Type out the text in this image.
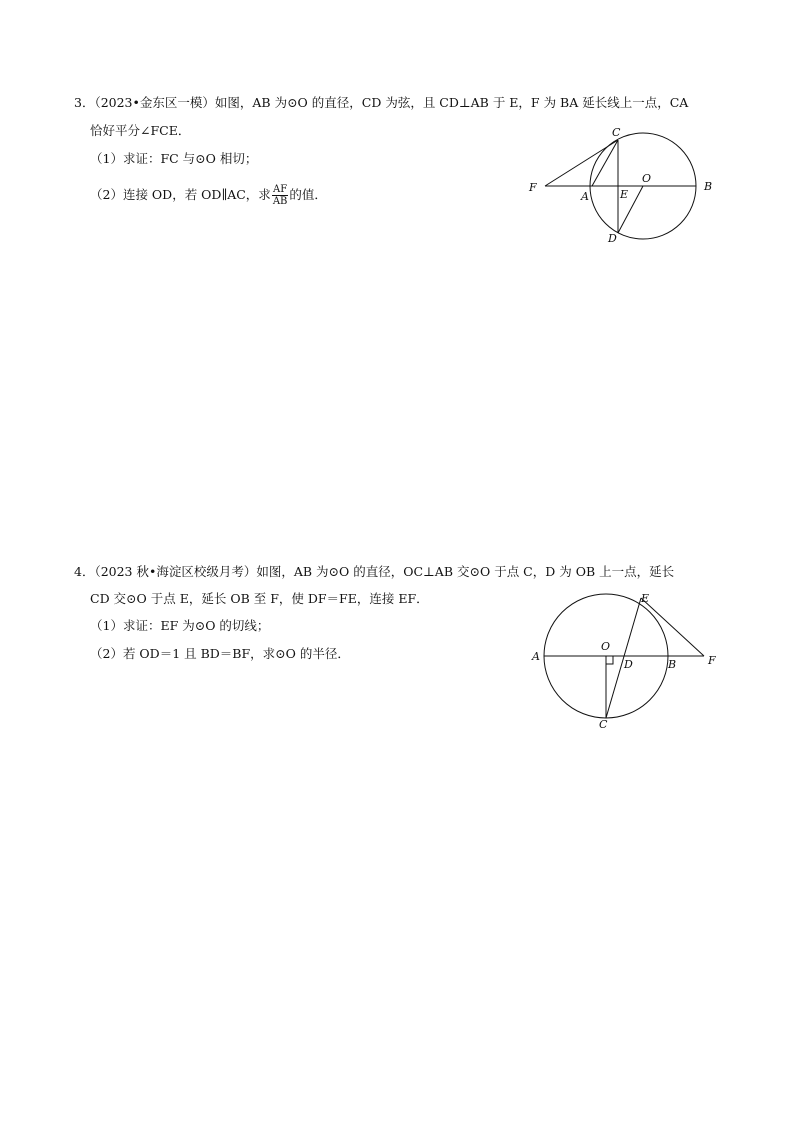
3．（2023•金东区一模）如图，AB 为⊙O 的直径，CD 为弦，且 CD⊥AB 于 E，F 为 BA 延长线上一点，CA
恰好平分∠FCE．
（1）求证：FC 与⊙O 相切；
（2）连接 OD，若 OD∥AC，求 $\frac{AF}{AB}$ 的值．
C
F
A	E
O
B
D
4．（2023 秋•海淀区校级月考）如图，AB 为⊙O 的直径，OC⊥AB 交⊙O 于点 C，D 为 OB 上一点，延长
CD 交⊙O 于点 E，延长 OB 至 F，使 DF＝FE，连接 EF．
（1）求证：EF 为⊙O 的切线；
（2）若 OD＝1 且 BD＝BF，求⊙O 的半径．
E
A
O
D	B	F
C
